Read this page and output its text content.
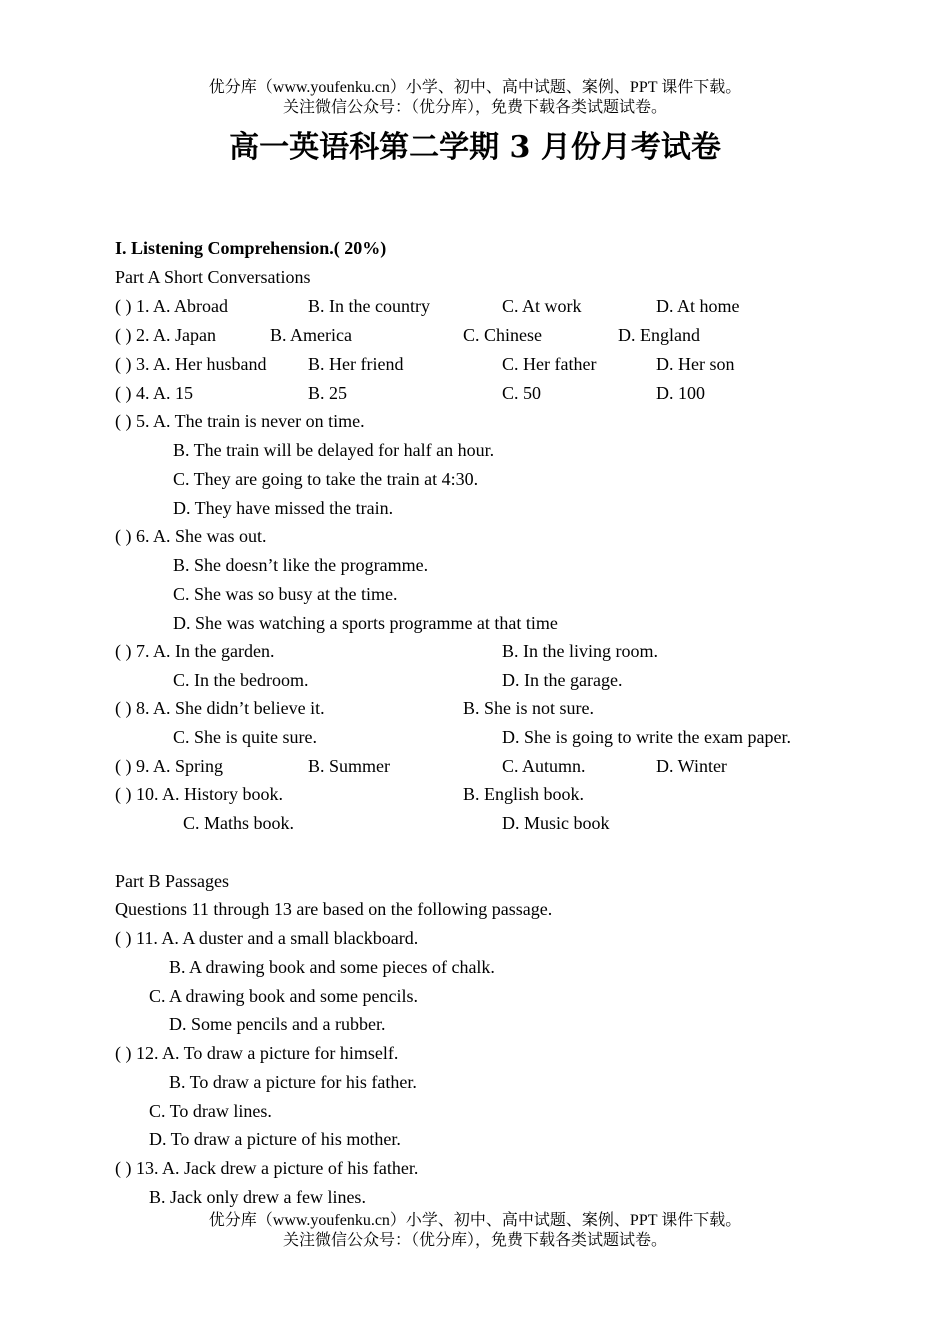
优分库（www.youfenku.cn）小学、初中、高中试题、案例、PPT 课件下载。
关注微信公众号：（优分库），免费下载各类试题试卷。
高一英语科第二学期 3 月份月考试卷
I. Listening Comprehension.( 20%)
Part A Short Conversations
( ) 1. A. Abroad	B. In the country	C. At work	D. At home
( ) 2. A. Japan	B. America	C. Chinese	D. England
( ) 3. A. Her husband B. Her friend	C. Her father	D. Her son
( ) 4. A. 15	B. 25	C. 50	D. 100
( ) 5. A. The train is never on time.
B. The train will be delayed for half an hour.
C. They are going to take the train at 4:30.
D. They have missed the train.
( ) 6. A. She was out.
B. She doesn’t like the programme.
C. She was so busy at the time.
D. She was watching a sports programme at that time
( ) 7. A. In the garden.	B. In the living room.
C. In the bedroom.	D. In the garage.
( ) 8. A. She didn’t believe it.	B. She is not sure.
C. She is quite sure.	D. She is going to write the exam paper.
( ) 9. A. Spring	B. Summer	C. Autumn.	D. Winter
( ) 10. A. History book.	B. English book.
C. Maths book.	D. Music book
Part B Passages
Questions 11 through 13 are based on the following passage.
( ) 11. A. A duster and a small blackboard.
B. A drawing book and some pieces of chalk.
C. A drawing book and some pencils.
D. Some pencils and a rubber.
( ) 12. A. To draw a picture for himself.
B. To draw a picture for his father.
C. To draw lines.
D. To draw a picture of his mother.
( ) 13. A. Jack drew a picture of his father.
B. Jack only drew a few lines.
优分库（www.youfenku.cn）小学、初中、高中试题、案例、PPT 课件下载。
关注微信公众号：（优分库），免费下载各类试题试卷。
